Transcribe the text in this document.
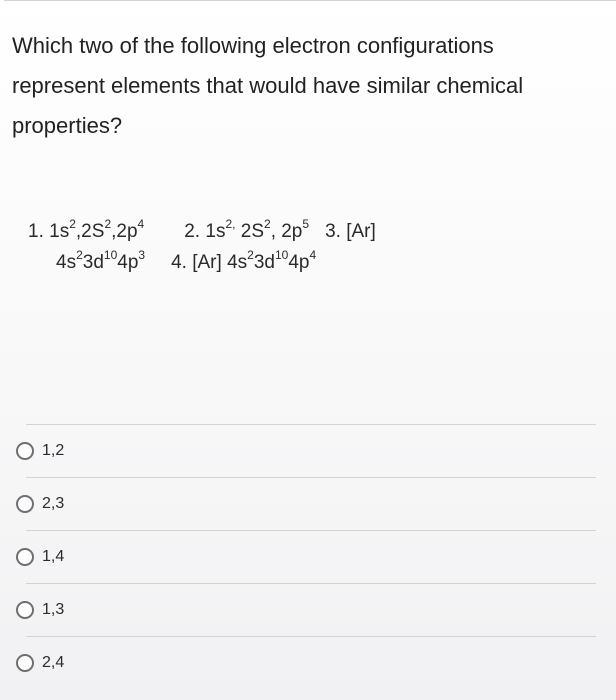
Which two of the following electron configurations represent elements that would have similar chemical properties?

1. $1s^2,2S^2,2p^4$ 2. $1s^{2,}$ $2S^2$, $2p^5$ 3. [Ar]
$4s^23d^{10}4p^3$ 4. [Ar] $4s^23d^{10}4p^4$
1,2
2,3
1,4
1,3
2,4
